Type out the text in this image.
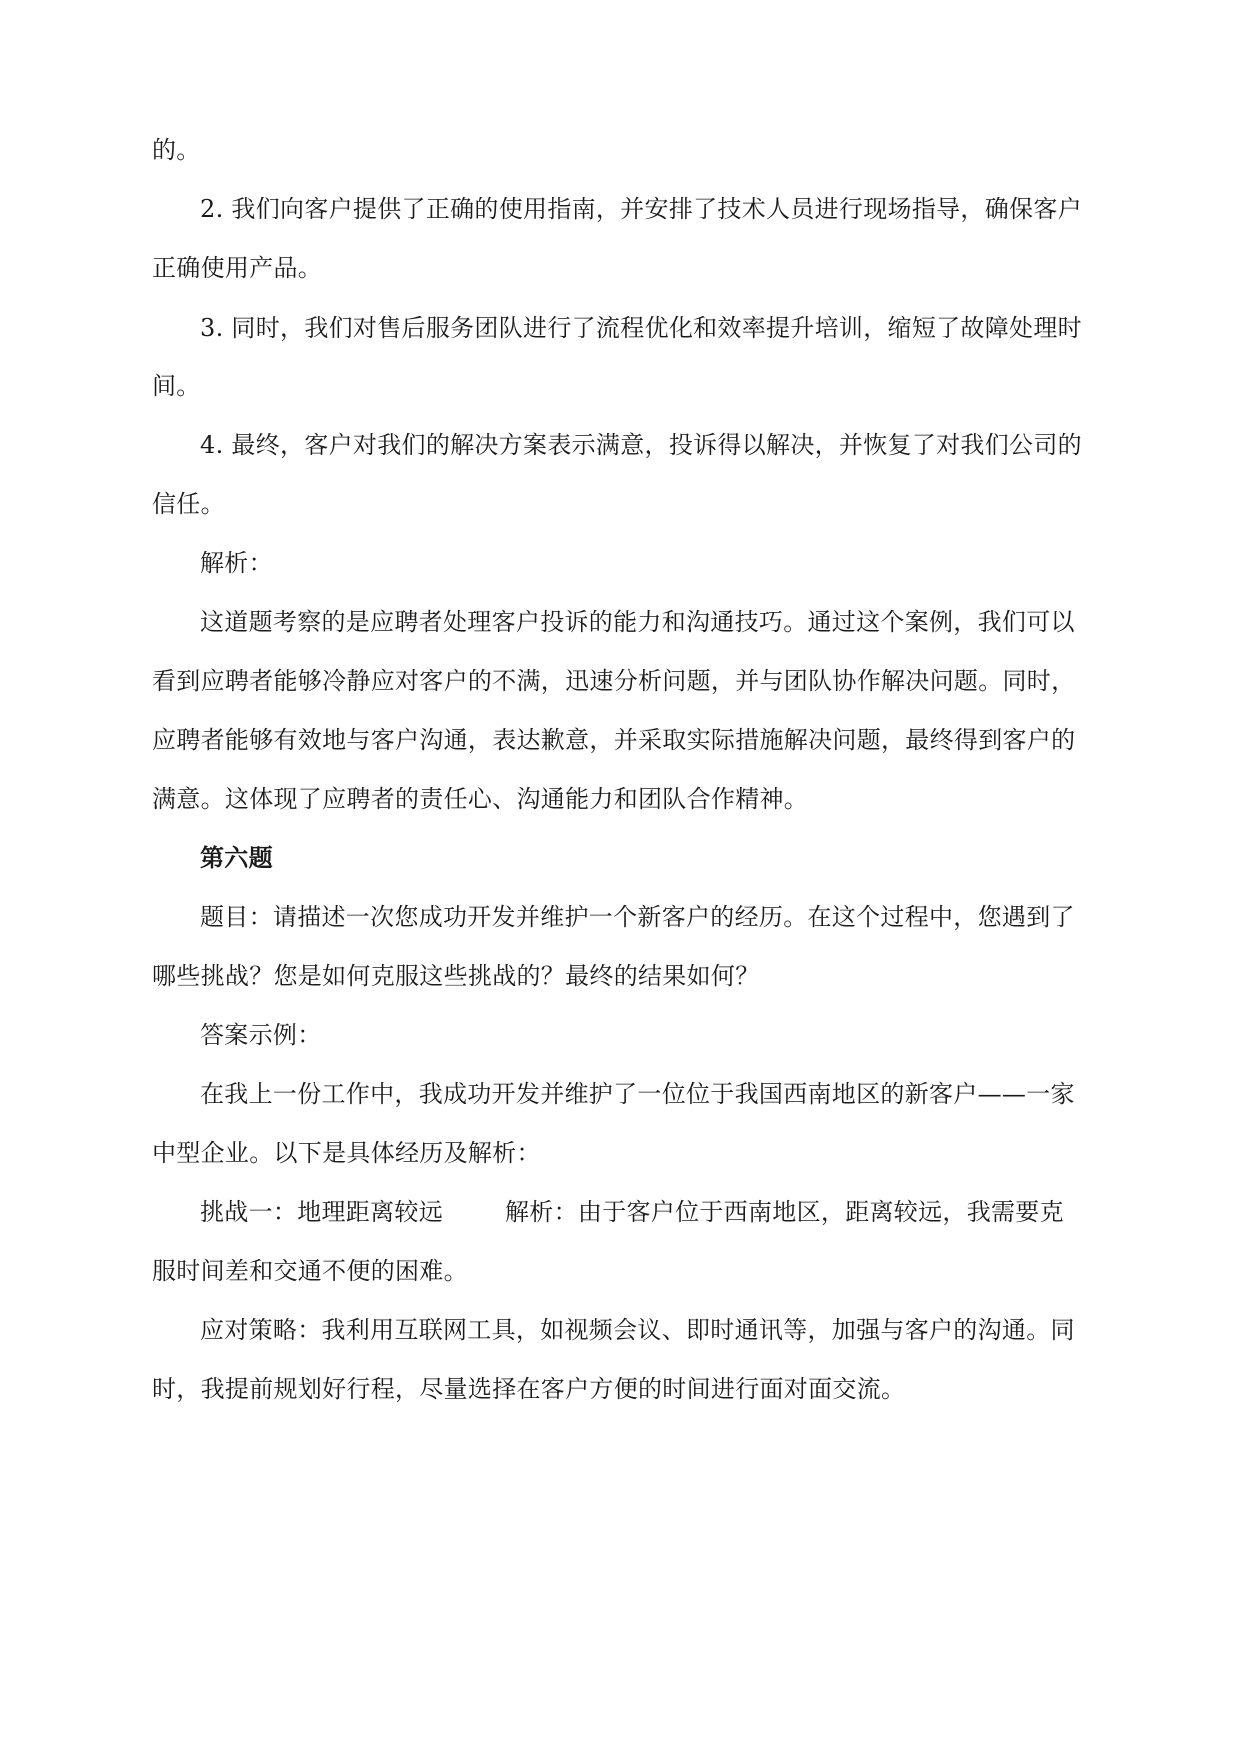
的。
2. 我们向客户提供了正确的使用指南，并安排了技术人员进行现场指导，确保客户
正确使用产品。
3. 同时，我们对售后服务团队进行了流程优化和效率提升培训，缩短了故障处理时
间。
4. 最终，客户对我们的解决方案表示满意，投诉得以解决，并恢复了对我们公司的
信任。
解析：
这道题考察的是应聘者处理客户投诉的能力和沟通技巧。通过这个案例，我们可以
看到应聘者能够冷静应对客户的不满，迅速分析问题，并与团队协作解决问题。同时，
应聘者能够有效地与客户沟通，表达歉意，并采取实际措施解决问题，最终得到客户的
满意。这体现了应聘者的责任心、沟通能力和团队合作精神。
第六题
题目：请描述一次您成功开发并维护一个新客户的经历。在这个过程中，您遇到了
哪些挑战？您是如何克服这些挑战的？最终的结果如何？
答案示例：
在我上一份工作中，我成功开发并维护了一位位于我国西南地区的新客户——一家
中型企业。以下是具体经历及解析：
挑战一：地理距离较远	解析：由于客户位于西南地区，距离较远，我需要克
服时间差和交通不便的困难。
应对策略：我利用互联网工具，如视频会议、即时通讯等，加强与客户的沟通。同
时，我提前规划好行程，尽量选择在客户方便的时间进行面对面交流。
